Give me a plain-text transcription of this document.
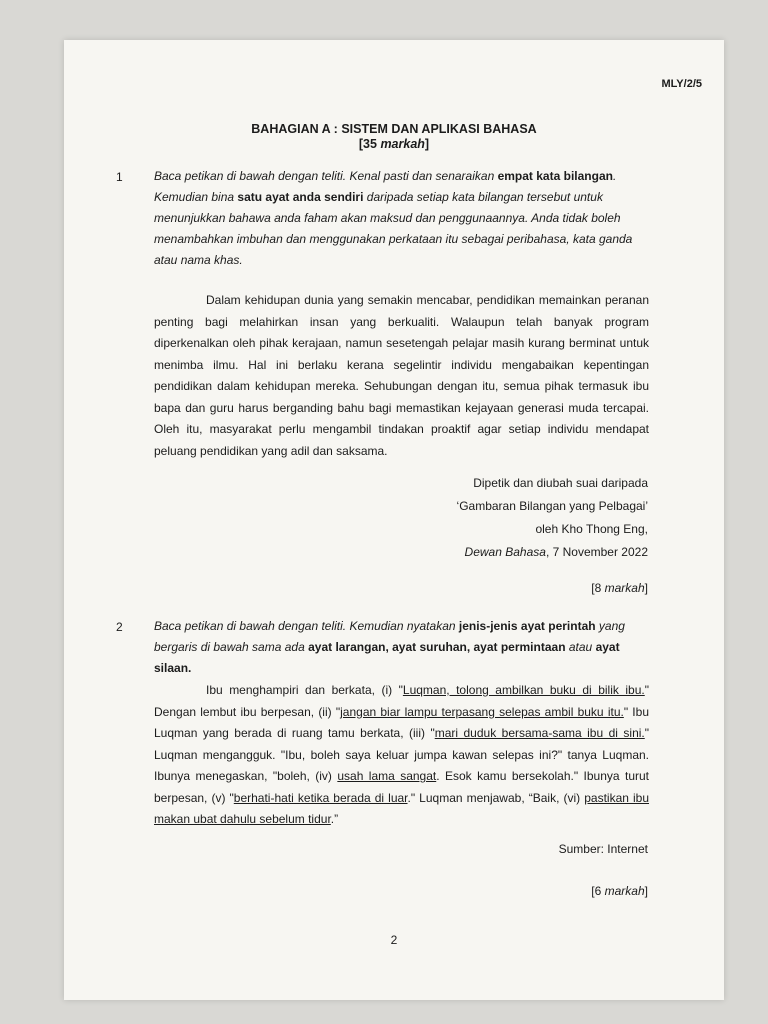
MLY/2/5
BAHAGIAN A : SISTEM DAN APLIKASI BAHASA
[35 markah]
1	Baca petikan di bawah dengan teliti. Kenal pasti dan senaraikan empat kata bilangan. Kemudian bina satu ayat anda sendiri daripada setiap kata bilangan tersebut untuk menunjukkan bahawa anda faham akan maksud dan penggunaannya. Anda tidak boleh menambahkan imbuhan dan menggunakan perkataan itu sebagai peribahasa, kata ganda atau nama khas.
Dalam kehidupan dunia yang semakin mencabar, pendidikan memainkan peranan penting bagi melahirkan insan yang berkualiti. Walaupun telah banyak program diperkenalkan oleh pihak kerajaan, namun sesetengah pelajar masih kurang berminat untuk menimba ilmu. Hal ini berlaku kerana segelintir individu mengabaikan kepentingan pendidikan dalam kehidupan mereka. Sehubungan dengan itu, semua pihak termasuk ibu bapa dan guru harus berganding bahu bagi memastikan kejayaan generasi muda tercapai. Oleh itu, masyarakat perlu mengambil tindakan proaktif agar setiap individu mendapat peluang pendidikan yang adil dan saksama.
Dipetik dan diubah suai daripada
‘Gambaran Bilangan yang Pelbagai’
oleh Kho Thong Eng,
Dewan Bahasa, 7 November 2022
[8 markah]
2	Baca petikan di bawah dengan teliti. Kemudian nyatakan jenis-jenis ayat perintah yang bergaris di bawah sama ada ayat larangan, ayat suruhan, ayat permintaan atau ayat silaan.
Ibu menghampiri dan berkata, (i) "Luqman, tolong ambilkan buku di bilik ibu." Dengan lembut ibu berpesan, (ii) "jangan biar lampu terpasang selepas ambil buku itu." Ibu Luqman yang berada di ruang tamu berkata, (iii) "mari duduk bersama-sama ibu di sini." Luqman mengangguk. "Ibu, boleh saya keluar jumpa kawan selepas ini?" tanya Luqman. Ibunya menegaskan, "boleh, (iv) usah lama sangat. Esok kamu bersekolah." Ibunya turut berpesan, (v) "berhati-hati ketika berada di luar." Luqman menjawab, “Baik, (vi) pastikan ibu makan ubat dahulu sebelum tidur.”
Sumber: Internet
[6 markah]
2
